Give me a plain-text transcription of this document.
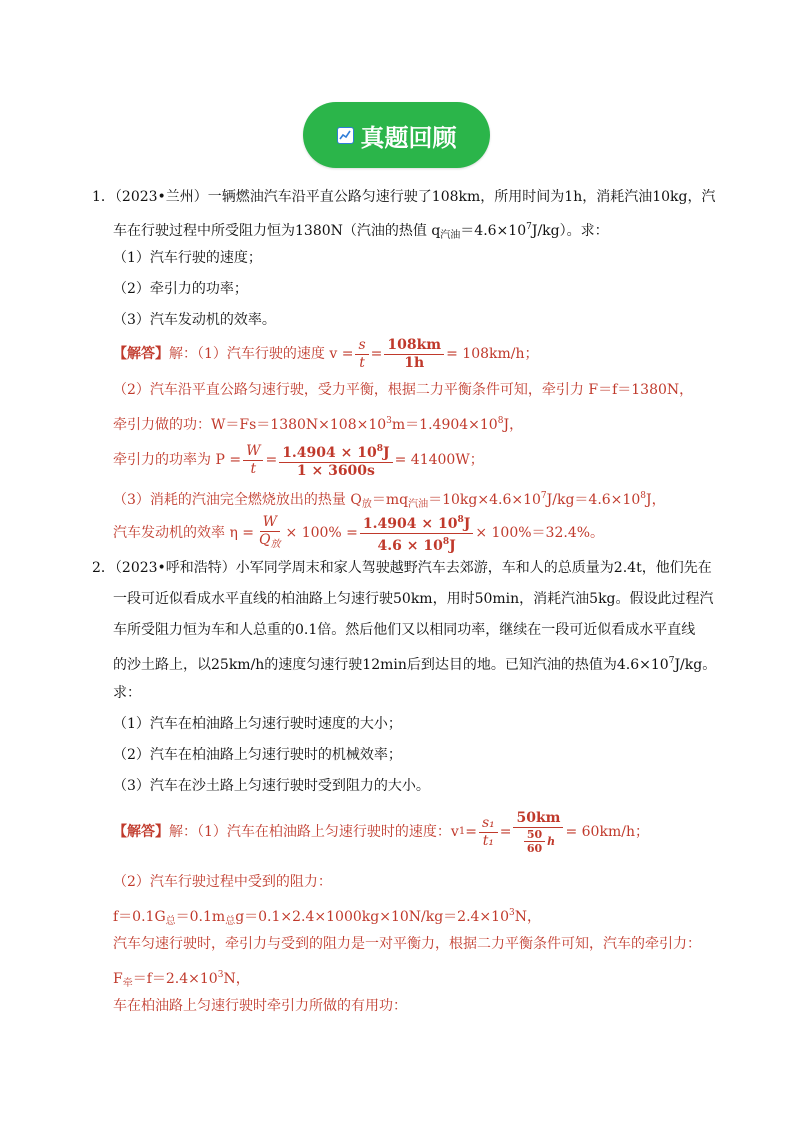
真题回顾
1．（2023•兰州）一辆燃油汽车沿平直公路匀速行驶了108km，所用时间为1h，消耗汽油10kg，汽
车在行驶过程中所受阻力恒为1380N（汽油的热值 $q_{汽油}=4.6\times 10^7J/kg$）。求：
（1）汽车行驶的速度；
（2）牵引力的功率；
（3）汽车发动机的效率。
【解答】 解：（1）汽车行驶的速度 $v = \frac{s}{t} = \frac{108km}{1h} = 108km/h$；
（2）汽车沿平直公路匀速行驶，受力平衡，根据二力平衡条件可知，牵引力 F＝f＝1380N，
牵引力做的功：$W=Fs=1380N\times 108\times 10^3m=1.4904\times 10^8J$，
牵引力的功率为 $P = \frac{W}{t} = \frac{1.4904 \times 10^8J}{1 \times 3600s} = 41400W$；
（3）消耗的汽油完全燃烧放出的热量 $Q_放=mq_{汽油}=10kg\times 4.6\times 10^7J/kg=4.6\times 10^8J$，
汽车发动机的效率 $\eta = \frac{W}{Q_放} \times 100\% = \frac{1.4904 \times 10^8J}{4.6 \times 10^8J} \times 100\%=32.4\%$。
2．（2023•呼和浩特）小军同学周末和家人驾驶越野汽车去郊游，车和人的总质量为2.4t，他们先在
一段可近似看成水平直线的柏油路上匀速行驶50km，用时50min，消耗汽油5kg。假设此过程汽
车所受阻力恒为车和人总重的0.1倍。然后他们又以相同功率，继续在一段可近似看成水平直线
的沙土路上，以25km/h的速度匀速行驶12min后到达目的地。已知汽油的热值为$4.6\times 10^7J/kg$。
求：
（1）汽车在柏油路上匀速行驶时速度的大小；
（2）汽车在柏油路上匀速行驶时的机械效率；
（3）汽车在沙土路上匀速行驶时受到阻力的大小。
【解答】 解：（1）汽车在柏油路上匀速行驶时的速度：v $1 = \frac{\text{s₁}}{\text{t₁}} = \frac{50km}{\frac{50}{60} h} = 60km/h$；
（2）汽车行驶过程中受到的阻力：
$f=0.1G_总=0.1m_总g=0.1\times 2.4\times 1000kg\times 10N/kg=2.4\times 10^3N$，
汽车匀速行驶时，牵引力与受到的阻力是一对平衡力，根据二力平衡条件可知，汽车的牵引力：
$F_牵=f=2.4\times 10^3N$，
车在柏油路上匀速行驶时牵引力所做的有用功：
